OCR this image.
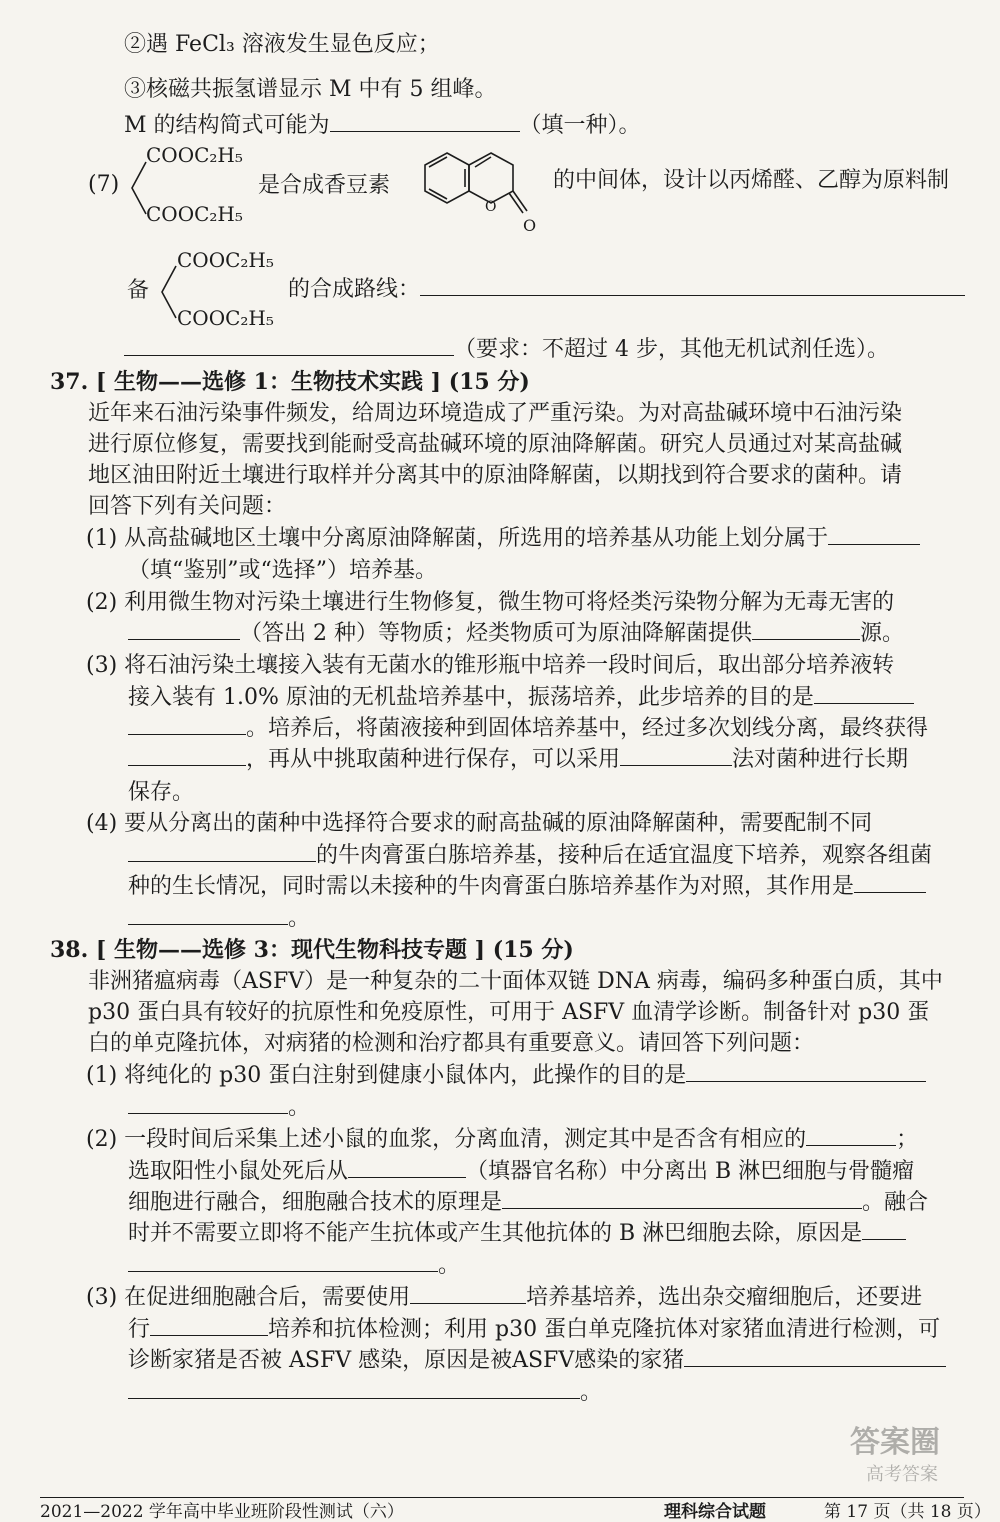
②遇 FeCl₃ 溶液发生显色反应；
③核磁共振氢谱显示 M 中有 5 组峰。
M 的结构简式可能为	（填一种）。
(7)
COOC₂H₅
COOC₂H₅
是合成香豆素
O
O
的中间体，设计以丙烯醛、乙醇为原料制
备
COOC₂H₅
COOC₂H₅
的合成路线：
（要求：不超过 4 步，其他无机试剂任选）。
37. [ 生物——选修 1：生物技术实践 ] (15 分)
近年来石油污染事件频发，给周边环境造成了严重污染。为对高盐碱环境中石油污染
进行原位修复，需要找到能耐受高盐碱环境的原油降解菌。研究人员通过对某高盐碱
地区油田附近土壤进行取样并分离其中的原油降解菌，以期找到符合要求的菌种。请
回答下列有关问题：
(1) 从高盐碱地区土壤中分离原油降解菌，所选用的培养基从功能上划分属于
（填“鉴别”或“选择”）培养基。
(2) 利用微生物对污染土壤进行生物修复，微生物可将烃类污染物分解为无毒无害的
（答出 2 种）等物质；烃类物质可为原油降解菌提供	源。
(3) 将石油污染土壤接入装有无菌水的锥形瓶中培养一段时间后，取出部分培养液转
接入装有 1.0% 原油的无机盐培养基中，振荡培养，此步培养的目的是
。培养后，将菌液接种到固体培养基中，经过多次划线分离，最终获得
，再从中挑取菌种进行保存，可以采用	法对菌种进行长期
保存。
(4) 要从分离出的菌种中选择符合要求的耐高盐碱的原油降解菌种，需要配制不同
的牛肉膏蛋白胨培养基，接种后在适宜温度下培养，观察各组菌
种的生长情况，同时需以未接种的牛肉膏蛋白胨培养基作为对照，其作用是
。
38. [ 生物——选修 3：现代生物科技专题 ] (15 分)
非洲猪瘟病毒（ASFV）是一种复杂的二十面体双链 DNA 病毒，编码多种蛋白质，其中
p30 蛋白具有较好的抗原性和免疫原性，可用于 ASFV 血清学诊断。制备针对 p30 蛋
白的单克隆抗体，对病猪的检测和治疗都具有重要意义。请回答下列问题：
(1) 将纯化的 p30 蛋白注射到健康小鼠体内，此操作的目的是
。
(2) 一段时间后采集上述小鼠的血浆，分离血清，测定其中是否含有相应的	；
选取阳性小鼠处死后从	（填器官名称）中分离出 B 淋巴细胞与骨髓瘤
细胞进行融合，细胞融合技术的原理是	。融合
时并不需要立即将不能产生抗体或产生其他抗体的 B 淋巴细胞去除，原因是
。
(3) 在促进细胞融合后，需要使用	培养基培养，选出杂交瘤细胞后，还要进
行	培养和抗体检测；利用 p30 蛋白单克隆抗体对家猪血清进行检测，可
诊断家猪是否被 ASFV 感染，原因是被ASFV感染的家猪
。
答案圈
高考答案
2021—2022 学年高中毕业班阶段性测试（六）	理科综合试题	第 17 页（共 18 页）
